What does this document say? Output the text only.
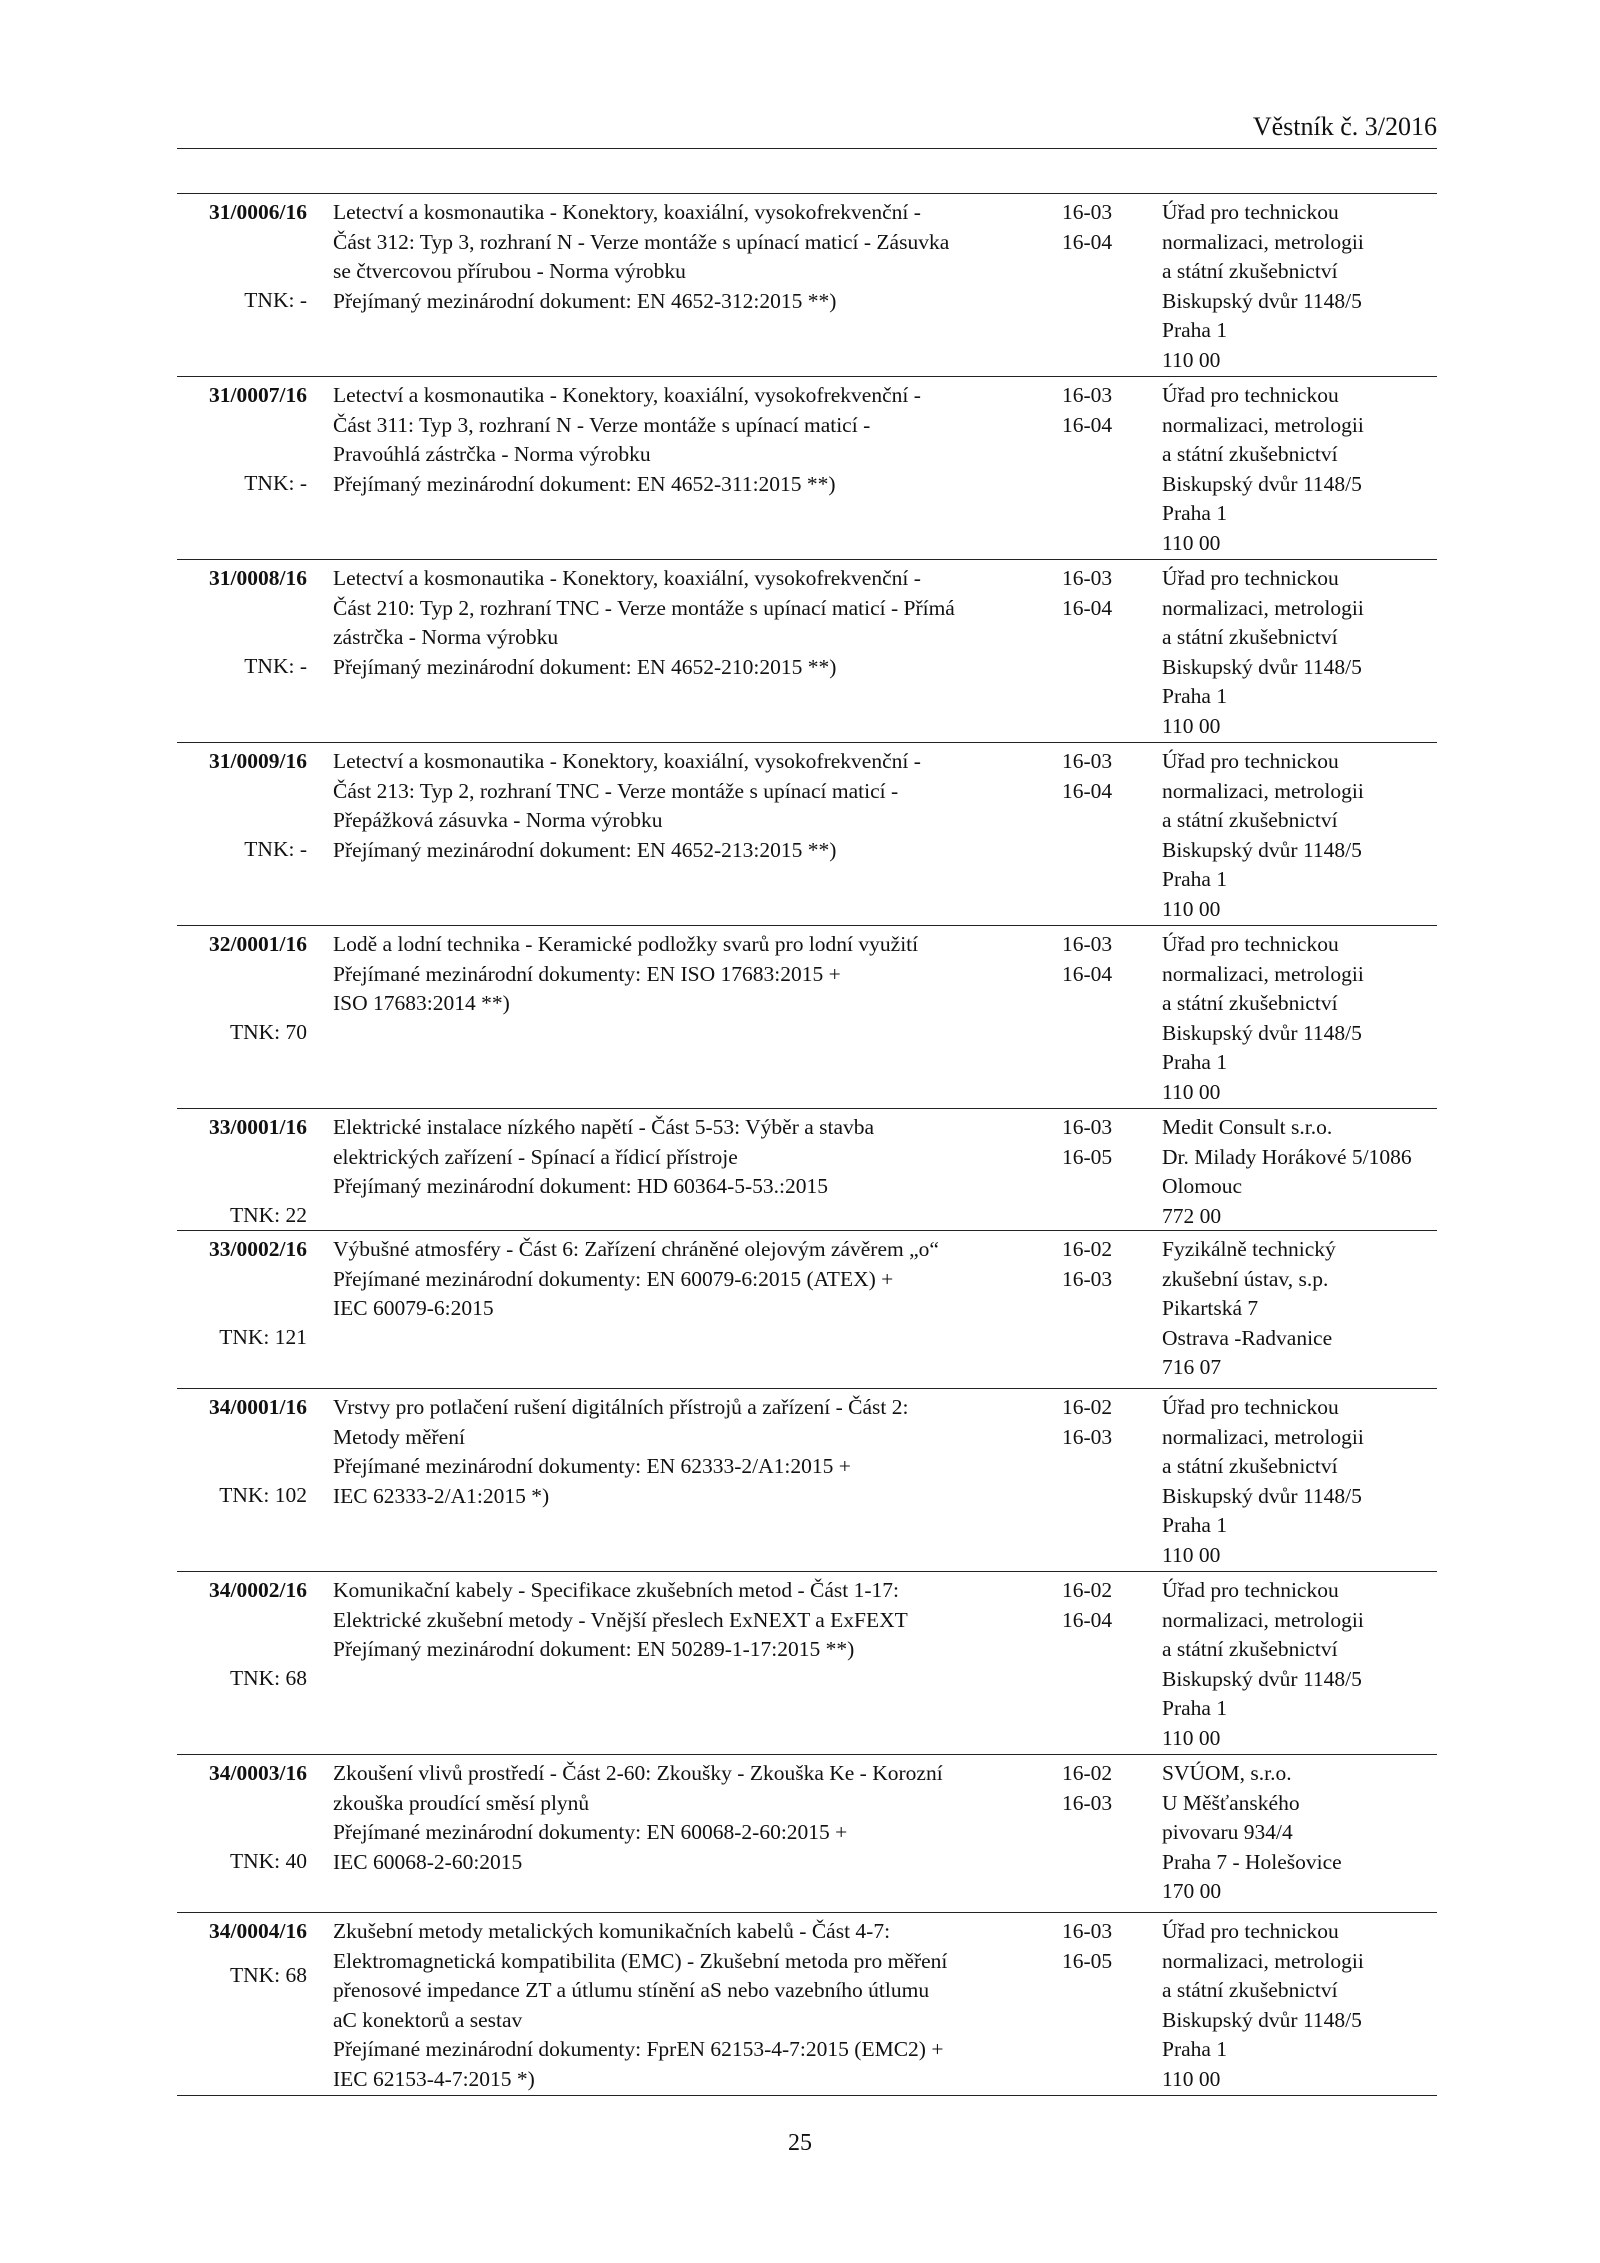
Věstník č. 3/2016
31/0006/16
TNK: -
Letectví a kosmonautika - Konektory, koaxiální, vysokofrekvenční -
Část 312: Typ 3, rozhraní N - Verze montáže s upínací maticí - Zásuvka
se čtvercovou přírubou - Norma výrobku
Přejímaný mezinárodní dokument: EN 4652-312:2015 **)
16-03
16-04
Úřad pro technickou
normalizaci, metrologii
a státní zkušebnictví
Biskupský dvůr 1148/5
Praha 1
110 00
31/0007/16
TNK: -
Letectví a kosmonautika - Konektory, koaxiální, vysokofrekvenční -
Část 311: Typ 3, rozhraní N - Verze montáže s upínací maticí -
Pravoúhlá zástrčka - Norma výrobku
Přejímaný mezinárodní dokument: EN 4652-311:2015 **)
16-03
16-04
Úřad pro technickou
normalizaci, metrologii
a státní zkušebnictví
Biskupský dvůr 1148/5
Praha 1
110 00
31/0008/16
TNK: -
Letectví a kosmonautika - Konektory, koaxiální, vysokofrekvenční -
Část 210: Typ 2, rozhraní TNC - Verze montáže s upínací maticí - Přímá
zástrčka - Norma výrobku
Přejímaný mezinárodní dokument: EN 4652-210:2015 **)
16-03
16-04
Úřad pro technickou
normalizaci, metrologii
a státní zkušebnictví
Biskupský dvůr 1148/5
Praha 1
110 00
31/0009/16
TNK: -
Letectví a kosmonautika - Konektory, koaxiální, vysokofrekvenční -
Část 213: Typ 2, rozhraní TNC - Verze montáže s upínací maticí -
Přepážková zásuvka - Norma výrobku
Přejímaný mezinárodní dokument: EN 4652-213:2015 **)
16-03
16-04
Úřad pro technickou
normalizaci, metrologii
a státní zkušebnictví
Biskupský dvůr 1148/5
Praha 1
110 00
32/0001/16
TNK: 70
Lodě a lodní technika - Keramické podložky svarů pro lodní využití
Přejímané mezinárodní dokumenty: EN ISO 17683:2015 +
ISO 17683:2014 **)
16-03
16-04
Úřad pro technickou
normalizaci, metrologii
a státní zkušebnictví
Biskupský dvůr 1148/5
Praha 1
110 00
33/0001/16
TNK: 22
Elektrické instalace nízkého napětí - Část 5-53: Výběr a stavba
elektrických zařízení - Spínací a řídicí přístroje
Přejímaný mezinárodní dokument: HD 60364-5-53.:2015
16-03
16-05
Medit Consult s.r.o.
Dr. Milady Horákové 5/1086
Olomouc
772 00
33/0002/16
TNK: 121
Výbušné atmosféry - Část 6: Zařízení chráněné olejovým závěrem „o“
Přejímané mezinárodní dokumenty: EN 60079-6:2015 (ATEX) +
IEC 60079-6:2015
16-02
16-03
Fyzikálně technický
zkušební ústav, s.p.
Pikartská 7
Ostrava -Radvanice
716 07
34/0001/16
TNK: 102
Vrstvy pro potlačení rušení digitálních přístrojů a zařízení - Část 2:
Metody měření
Přejímané mezinárodní dokumenty: EN 62333-2/A1:2015 +
IEC 62333-2/A1:2015 *)
16-02
16-03
Úřad pro technickou
normalizaci, metrologii
a státní zkušebnictví
Biskupský dvůr 1148/5
Praha 1
110 00
34/0002/16
TNK: 68
Komunikační kabely - Specifikace zkušebních metod - Část 1-17:
Elektrické zkušební metody - Vnější přeslech ExNEXT a ExFEXT
Přejímaný mezinárodní dokument: EN 50289-1-17:2015 **)
16-02
16-04
Úřad pro technickou
normalizaci, metrologii
a státní zkušebnictví
Biskupský dvůr 1148/5
Praha 1
110 00
34/0003/16
TNK: 40
Zkoušení vlivů prostředí - Část 2-60: Zkoušky - Zkouška Ke - Korozní
zkouška proudící směsí plynů
Přejímané mezinárodní dokumenty: EN 60068-2-60:2015 +
IEC 60068-2-60:2015
16-02
16-03
SVÚOM, s.r.o.
U Měšťanského
pivovaru 934/4
Praha 7 - Holešovice
170 00
34/0004/16
TNK: 68
Zkušební metody metalických komunikačních kabelů - Část 4-7:
Elektromagnetická kompatibilita (EMC) - Zkušební metoda pro měření
přenosové impedance ZT a útlumu stínění aS nebo vazebního útlumu
aC konektorů a sestav
Přejímané mezinárodní dokumenty: FprEN 62153-4-7:2015 (EMC2) +
IEC 62153-4-7:2015 *)
16-03
16-05
Úřad pro technickou
normalizaci, metrologii
a státní zkušebnictví
Biskupský dvůr 1148/5
Praha 1
110 00
25
